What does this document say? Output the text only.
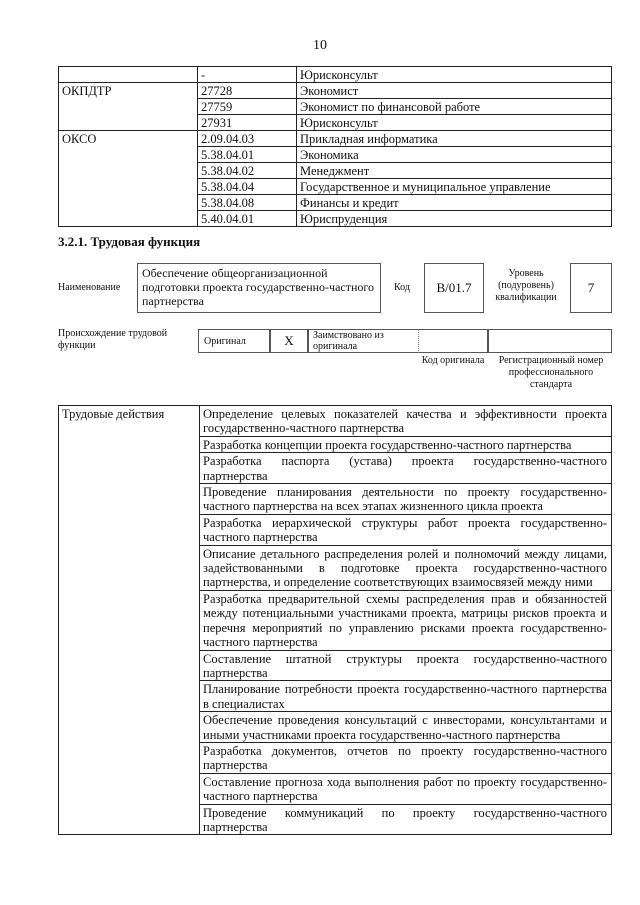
10
	-	Юрисконсульт
ОКПДТР	27728	Экономист
	27759	Экономист по финансовой работе
	27931	Юрисконсульт
ОКСО	2.09.04.03	Прикладная информатика
	5.38.04.01	Экономика
	5.38.04.02	Менеджмент
	5.38.04.04	Государственное и муниципальное управление
	5.38.04.08	Финансы и кредит
	5.40.04.01	Юриспруденция
3.2.1. Трудовая функция
Наименование
Обеспечение общеорганизационной подготовки проекта государственно-частного партнерства
Код	B/01.7
Уровень (подуровень) квалификации
7
Происхождение трудовой функции	Оригинал	X	Заимствовано из оригинала
Код оригинала	Регистрационный номер профессионального стандарта
Трудовые действия	Определение целевых показателей качества и эффективности проекта государственно-частного партнерства
Разработка концепции проекта государственно-частного партнерства
Разработка паспорта (устава) проекта государственно-частного партнерства
Проведение планирования деятельности по проекту государственно-частного партнерства на всех этапах жизненного цикла проекта
Разработка иерархической структуры работ проекта государственно-частного партнерства
Описание детального распределения ролей и полномочий между лицами, задействованными в подготовке проекта государственно-частного партнерства, и определение соответствующих взаимосвязей между ними
Разработка предварительной схемы распределения прав и обязанностей между потенциальными участниками проекта, матрицы рисков проекта и перечня мероприятий по управлению рисками проекта государственно-частного партнерства
Составление штатной структуры проекта государственно-частного партнерства
Планирование потребности проекта государственно-частного партнерства в специалистах
Обеспечение проведения консультаций с инвесторами, консультантами и иными участниками проекта государственно-частного партнерства
Разработка документов, отчетов по проекту государственно-частного партнерства
Составление прогноза хода выполнения работ по проекту государственно-частного партнерства
Проведение коммуникаций по проекту государственно-частного партнерства
